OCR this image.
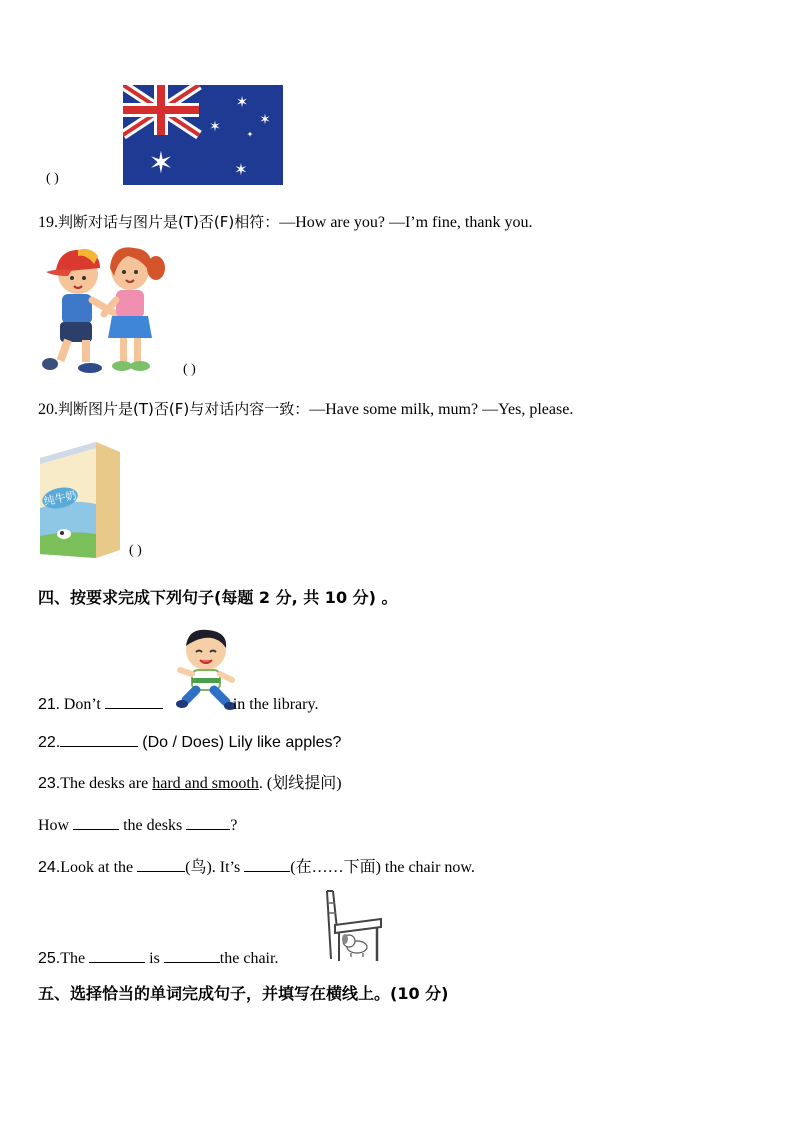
✶
✶
✶	✶
✦
✶
( )
19.判断对话与图片是(T)否(F)相符：—How are you? —I’m fine, thank you.
( )
20.判断图片是(T)否(F)与对话内容一致：—Have some milk, mum? —Yes, please.
纯牛奶
( )
四、按要求完成下列句子(每题 2 分, 共 10 分) 。
21. Don’t	in the library.
22.	(Do / Does) Lily like apples?
23.The desks are hard and smooth. (划线提问)
How	the desks	?
24.Look at the	(鸟). It’s	(在……下面) the chair now.
25.The	is	the chair.
五、选择恰当的单词完成句子，并填写在横线上。(10 分)
